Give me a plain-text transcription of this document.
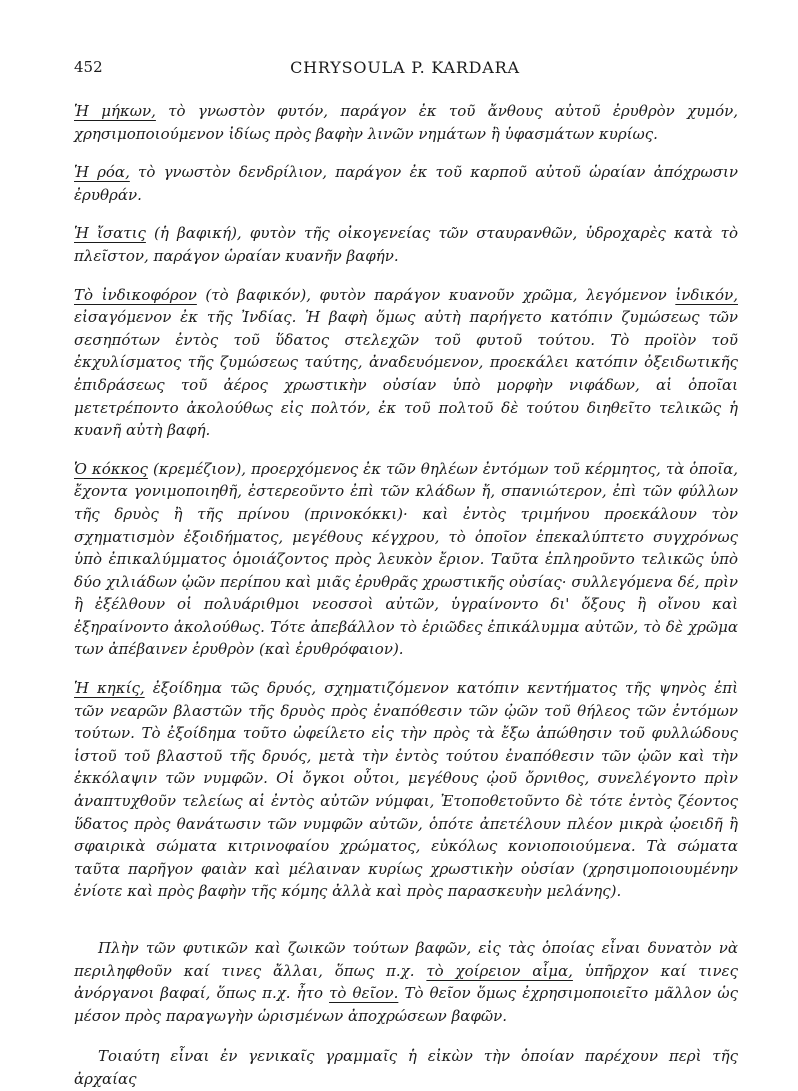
452	CHRYSOULA P. KARDARA

Ἡ μήκων, τὸ γνωστὸν φυτόν, παράγον ἐκ τοῦ ἄνθους αὐτοῦ ἐρυθρὸν χυμόν, χρησιμοποιούμενον ἰδίως πρὸς βαφὴν λινῶν νημάτων ἢ ὑφασμάτων κυρίως.

Ἡ ρόα, τὸ γνωστὸν δενδρίλιον, παράγον ἐκ τοῦ καρποῦ αὐτοῦ ὡραίαν ἀπόχρωσιν ἐρυθράν.

Ἡ ἴσατις (ἡ βαφική), φυτὸν τῆς οἰκογενείας τῶν σταυρανθῶν, ὑδροχαρὲς κατὰ τὸ πλεῖστον, παράγον ὡραίαν κυανῆν βαφήν.

Τὸ ἰνδικοφόρον (τὸ βαφικόν), φυτὸν παράγον κυανοῦν χρῶμα, λεγόμενον ἰνδικόν, εἰσαγόμενον ἐκ τῆς Ἰνδίας. Ἡ βαφὴ ὅμως αὐτὴ παρήγετο κατόπιν ζυμώσεως τῶν σεσηπότων ἐντὸς τοῦ ὕδατος στελεχῶν τοῦ φυτοῦ τούτου. Τὸ προϊὸν τοῦ ἐκχυλίσματος τῆς ζυμώσεως ταύτης, ἀναδευόμενον, προεκάλει κατόπιν ὀξειδωτικῆς ἐπιδράσεως τοῦ ἀέρος χρωστικὴν οὐσίαν ὑπὸ μορφὴν νιφάδων, αἱ ὁποῖαι μετετρέποντο ἀκολούθως εἰς πολτόν, ἐκ τοῦ πολτοῦ δὲ τούτου διηθεῖτο τελικῶς ἡ κυανῆ αὐτὴ βαφή.

Ὁ κόκκος (κρεμέζιον), προερχόμενος ἐκ τῶν θηλέων ἐντόμων τοῦ κέρμητος, τὰ ὁποῖα, ἔχοντα γονιμοποιηθῆ, ἐστερεοῦντο ἐπὶ τῶν κλάδων ἤ, σπανιώτερον, ἐπὶ τῶν φύλλων τῆς δρυὸς ἢ τῆς πρίνου (πρινοκόκκι)· καὶ ἐντὸς τριμήνου προεκάλουν τὸν σχηματισμὸν ἐξοιδήματος, μεγέθους κέγχρου, τὸ ὁποῖον ἐπεκαλύπτετο συγχρόνως ὑπὸ ἐπικαλύμματος ὁμοιάζοντος πρὸς λευκὸν ἔριον. Ταῦτα ἐπληροῦντο τελικῶς ὑπὸ δύο χιλιάδων ᾠῶν περίπου καὶ μιᾶς ἐρυθρᾶς χρωστικῆς οὐσίας· συλλεγόμενα δέ, πρὶν ἢ ἐξέλθουν οἱ πολυάριθμοι νεοσσοὶ αὐτῶν, ὑγραίνοντο δι' ὄξους ἢ οἴνου καὶ ἐξηραίνοντο ἀκολούθως. Τότε ἀπεβάλλον τὸ ἐριῶδες ἐπικάλυμμα αὐτῶν, τὸ δὲ χρῶμα των ἀπέβαινεν ἐρυθρὸν (καὶ ἐρυθρόφαιον).

Ἡ κηκίς, ἐξοίδημα τῶς δρυός, σχηματιζόμενον κατόπιν κεντήματος τῆς ψηνὸς ἐπὶ τῶν νεαρῶν βλαστῶν τῆς δρυὸς πρὸς ἐναπόθεσιν τῶν ᾠῶν τοῦ θήλεος τῶν ἐντόμων τούτων. Τὸ ἐξοίδημα τοῦτο ὠφείλετο εἰς τὴν πρὸς τὰ ἔξω ἀπώθησιν τοῦ φυλλώδους ἱστοῦ τοῦ βλαστοῦ τῆς δρυός, μετὰ τὴν ἐντὸς τούτου ἐναπόθεσιν τῶν ᾠῶν καὶ τὴν ἐκκόλαψιν τῶν νυμφῶν. Οἱ ὄγκοι οὗτοι, μεγέθους ᾠοῦ ὄρνιθος, συνελέγοντο πρὶν ἀναπτυχθοῦν τελείως αἱ ἐντὸς αὐτῶν νύμφαι, Ἐτοποθετοῦντο δὲ τότε ἐντὸς ζέοντος ὕδατος πρὸς θανάτωσιν τῶν νυμφῶν αὐτῶν, ὁπότε ἀπετέλουν πλέον μικρὰ ᾠοειδῆ ἢ σφαιρικὰ σώματα κιτρινοφαίου χρώματος, εὐκόλως κονιοποιούμενα. Τὰ σώματα ταῦτα παρῆγον φαιὰν καὶ μέλαιναν κυρίως χρωστικὴν οὐσίαν (χρησιμοποιουμένην ἐνίοτε καὶ πρὸς βαφὴν τῆς κόμης ἀλλὰ καὶ πρὸς παρασκευὴν μελάνης).

Πλὴν τῶν φυτικῶν καὶ ζωικῶν τούτων βαφῶν, εἰς τὰς ὁποίας εἶναι δυνατὸν νὰ περιληφθοῦν καί τινες ἄλλαι, ὅπως π.χ. τὸ χοίρειον αἷμα, ὑπῆρχον καί τινες ἀνόργανοι βαφαί, ὅπως π.χ. ἦτο τὸ θεῖον. Τὸ θεῖον ὅμως ἐχρησιμοποιεῖτο μᾶλλον ὡς μέσον πρὸς παραγωγὴν ὡρισμένων ἀποχρώσεων βαφῶν.

Τοιαύτη εἶναι ἐν γενικαῖς γραμμαῖς ἡ εἰκὼν τὴν ὁποίαν παρέχουν περὶ τῆς ἀρχαίας
